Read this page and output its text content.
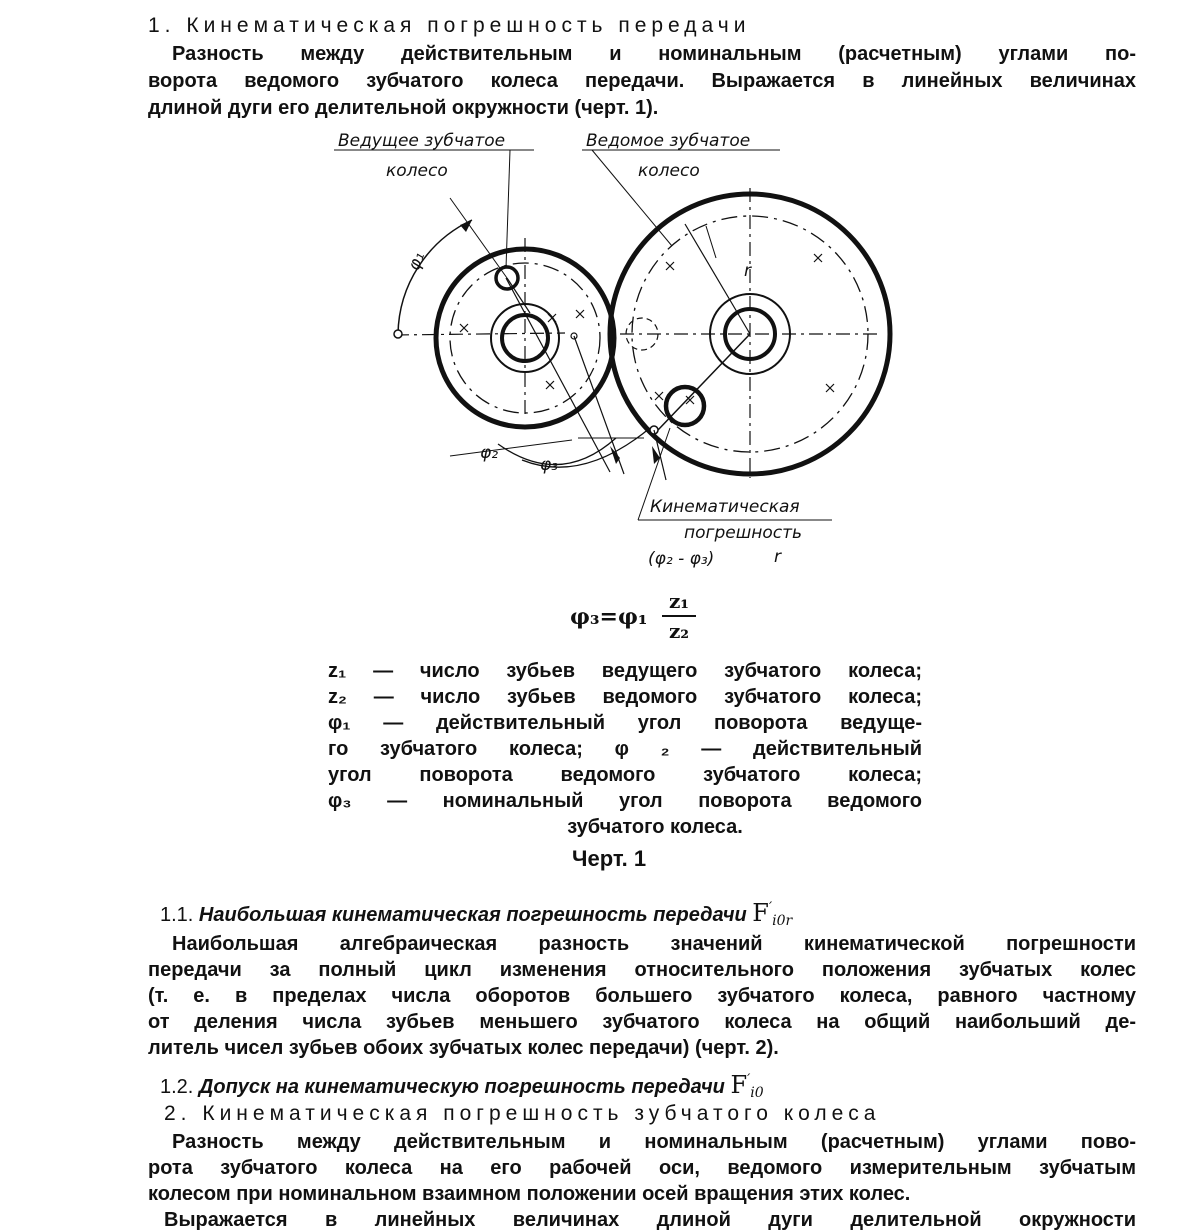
1. Кинематическая погрешность передачи
Разность между действительным и номинальным (расчетным) углами по-
ворота ведомого зубчатого колеса передачи. Выражается в линейных величинах
длиной дуги его делительной окружности (черт. 1).
Ведущее зубчатое
колесо
Ведомое зубчатое
колесо
Кинематическая
погрешность
(φ₂ - φ₃)	r
φ₁
φ₂
φ₃
r
φ₃=φ₁
z₁
z₂
z₁ — число зубьев ведущего зубчатого колеса;
z₂ — число зубьев ведомого зубчатого колеса;
φ₁ — действительный угол поворота ведуще-
го зубчатого колеса; φ ₂ — действительный
угол поворота ведомого зубчатого колеса;
φ₃ — номинальный угол поворота ведомого
зубчатого колеса.
Черт. 1
1.1. Наибольшая кинематическая погрешность передачи $F'_{i0r}$
Наибольшая алгебраическая разность значений кинематической погрешности
передачи за полный цикл изменения относительного положения зубчатых колес
(т. е. в пределах числа оборотов большего зубчатого колеса, равного частному
от деления числа зубьев меньшего зубчатого колеса на общий наибольший де-
литель чисел зубьев обоих зубчатых колес передачи) (черт. 2).
1.2. Допуск на кинематическую погрешность передачи $F'_{i0}$
2. Кинематическая погрешность зубчатого колеса
Разность между действительным и номинальным (расчетным) углами пово-
рота зубчатого колеса на его рабочей оси, ведомого измерительным зубчатым
колесом при номинальном взаимном положении осей вращения этих колес.
Выражается в линейных величинах длиной дуги делительной окружности
